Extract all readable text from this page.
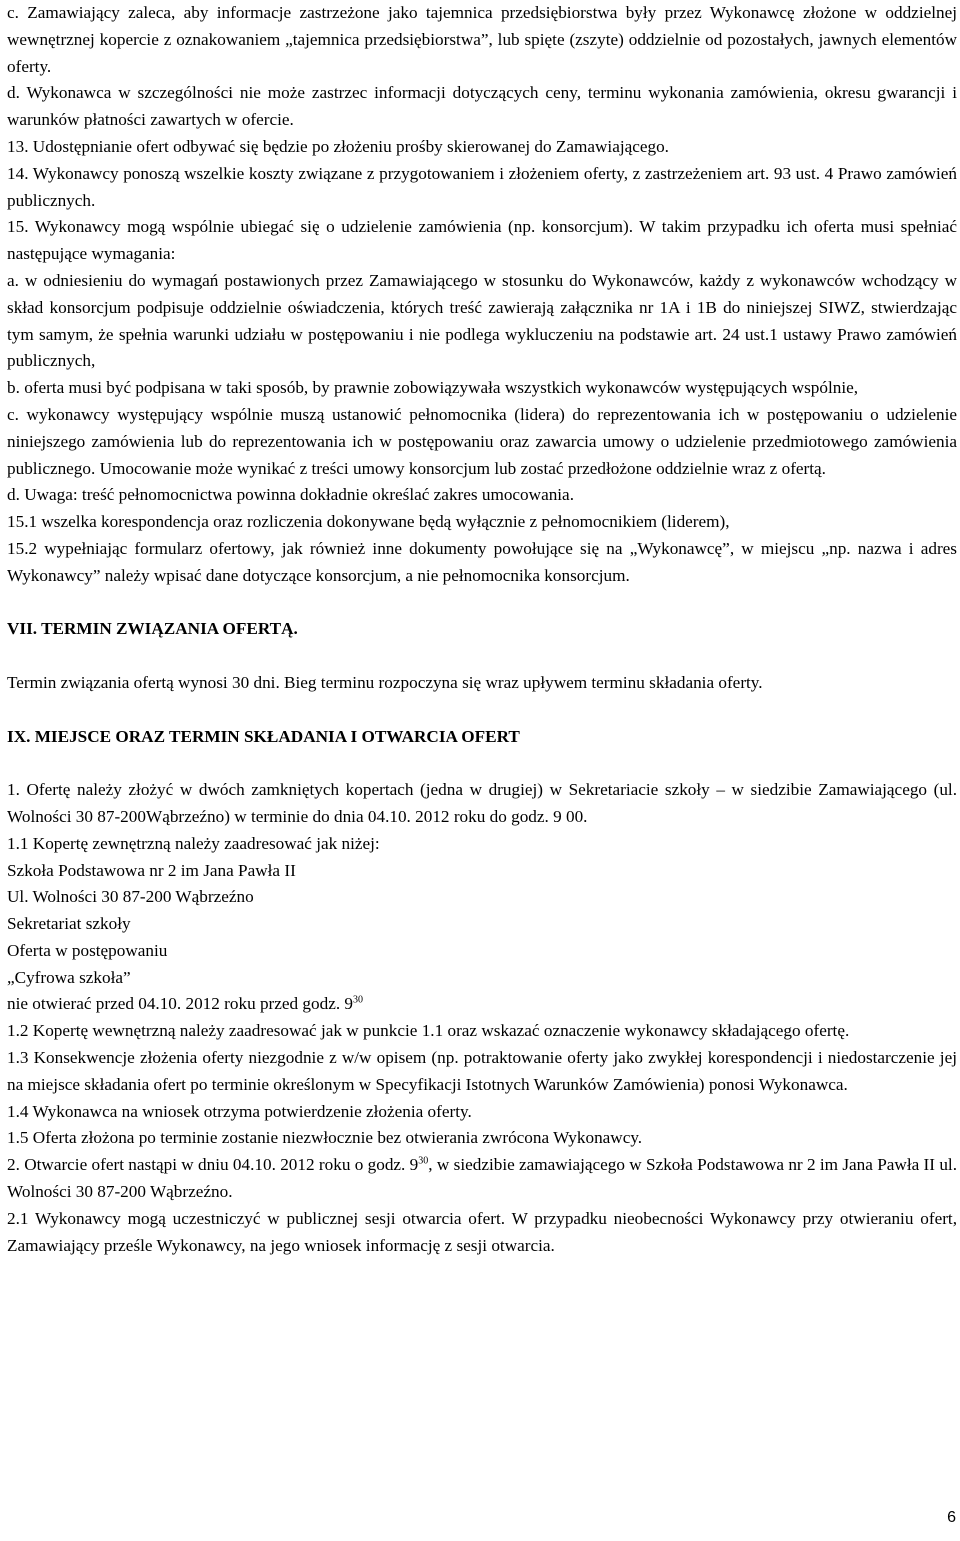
c. Zamawiający zaleca, aby informacje zastrzeżone jako tajemnica przedsiębiorstwa były przez Wykonawcę złożone w oddzielnej wewnętrznej kopercie z oznakowaniem „tajemnica przedsiębiorstwa”, lub spięte (zszyte) oddzielnie od pozostałych, jawnych elementów oferty.

d. Wykonawca w szczególności nie może zastrzec informacji dotyczących ceny, terminu wykonania zamówienia, okresu gwarancji i warunków płatności zawartych w ofercie.

13. Udostępnianie ofert odbywać się będzie po złożeniu prośby skierowanej do Zamawiającego.

14. Wykonawcy ponoszą wszelkie koszty związane z przygotowaniem i złożeniem oferty, z zastrzeżeniem art. 93 ust. 4 Prawo zamówień publicznych.

15. Wykonawcy mogą wspólnie ubiegać się o udzielenie zamówienia (np. konsorcjum). W takim przypadku ich oferta musi spełniać następujące wymagania:

a. w odniesieniu do wymagań postawionych przez Zamawiającego w stosunku do Wykonawców, każdy z wykonawców wchodzący w skład konsorcjum podpisuje oddzielnie oświadczenia, których treść zawierają załącznika nr 1A i 1B do niniejszej SIWZ, stwierdzając tym samym, że spełnia warunki udziału w postępowaniu i nie podlega wykluczeniu na podstawie art. 24 ust.1 ustawy Prawo zamówień publicznych,

b. oferta musi być podpisana w taki sposób, by prawnie zobowiązywała wszystkich wykonawców występujących wspólnie,

c. wykonawcy występujący wspólnie muszą ustanowić pełnomocnika (lidera) do reprezentowania ich w postępowaniu o udzielenie niniejszego zamówienia lub do reprezentowania ich w postępowaniu oraz zawarcia umowy o udzielenie przedmiotowego zamówienia publicznego. Umocowanie może wynikać z treści umowy konsorcjum lub zostać przedłożone oddzielnie wraz z ofertą.

d. Uwaga: treść pełnomocnictwa powinna dokładnie określać zakres umocowania.

15.1 wszelka korespondencja oraz rozliczenia dokonywane będą wyłącznie z pełnomocnikiem (liderem),

15.2 wypełniając formularz ofertowy, jak również inne dokumenty powołujące się na „Wykonawcę”, w miejscu „np. nazwa i adres Wykonawcy” należy wpisać dane dotyczące konsorcjum, a nie pełnomocnika konsorcjum.

VII. TERMIN ZWIĄZANIA OFERTĄ.

Termin związania ofertą wynosi 30 dni. Bieg terminu rozpoczyna się wraz upływem terminu składania oferty.

IX. MIEJSCE ORAZ TERMIN SKŁADANIA I OTWARCIA OFERT

1. Ofertę należy złożyć w dwóch zamkniętych kopertach (jedna w drugiej) w Sekretariacie szkoły – w siedzibie Zamawiającego (ul. Wolności 30 87-200Wąbrzeźno) w terminie do dnia 04.10. 2012 roku do godz. 9 00.

1.1 Kopertę zewnętrzną należy zaadresować jak niżej:

Szkoła Podstawowa nr 2 im Jana Pawła II

Ul. Wolności 30 87-200 Wąbrzeźno

Sekretariat szkoły

Oferta w postępowaniu

„Cyfrowa szkoła”

nie otwierać przed 04.10. 2012 roku przed godz. $9^{30}$

1.2 Kopertę wewnętrzną należy zaadresować jak w punkcie 1.1 oraz wskazać oznaczenie wykonawcy składającego ofertę.

1.3 Konsekwencje złożenia oferty niezgodnie z w/w opisem (np. potraktowanie oferty jako zwykłej korespondencji i niedostarczenie jej na miejsce składania ofert po terminie określonym w Specyfikacji Istotnych Warunków Zamówienia) ponosi Wykonawca.

1.4 Wykonawca na wniosek otrzyma potwierdzenie złożenia oferty.

1.5 Oferta złożona po terminie zostanie niezwłocznie bez otwierania zwrócona Wykonawcy.

2. Otwarcie ofert nastąpi w dniu 04.10. 2012 roku o godz. $9^{30}$, w siedzibie zamawiającego w Szkoła Podstawowa nr 2 im Jana Pawła II ul. Wolności 30 87-200 Wąbrzeźno.

2.1 Wykonawcy mogą uczestniczyć w publicznej sesji otwarcia ofert. W przypadku nieobecności Wykonawcy przy otwieraniu ofert, Zamawiający prześle Wykonawcy, na jego wniosek informację z sesji otwarcia.

6
